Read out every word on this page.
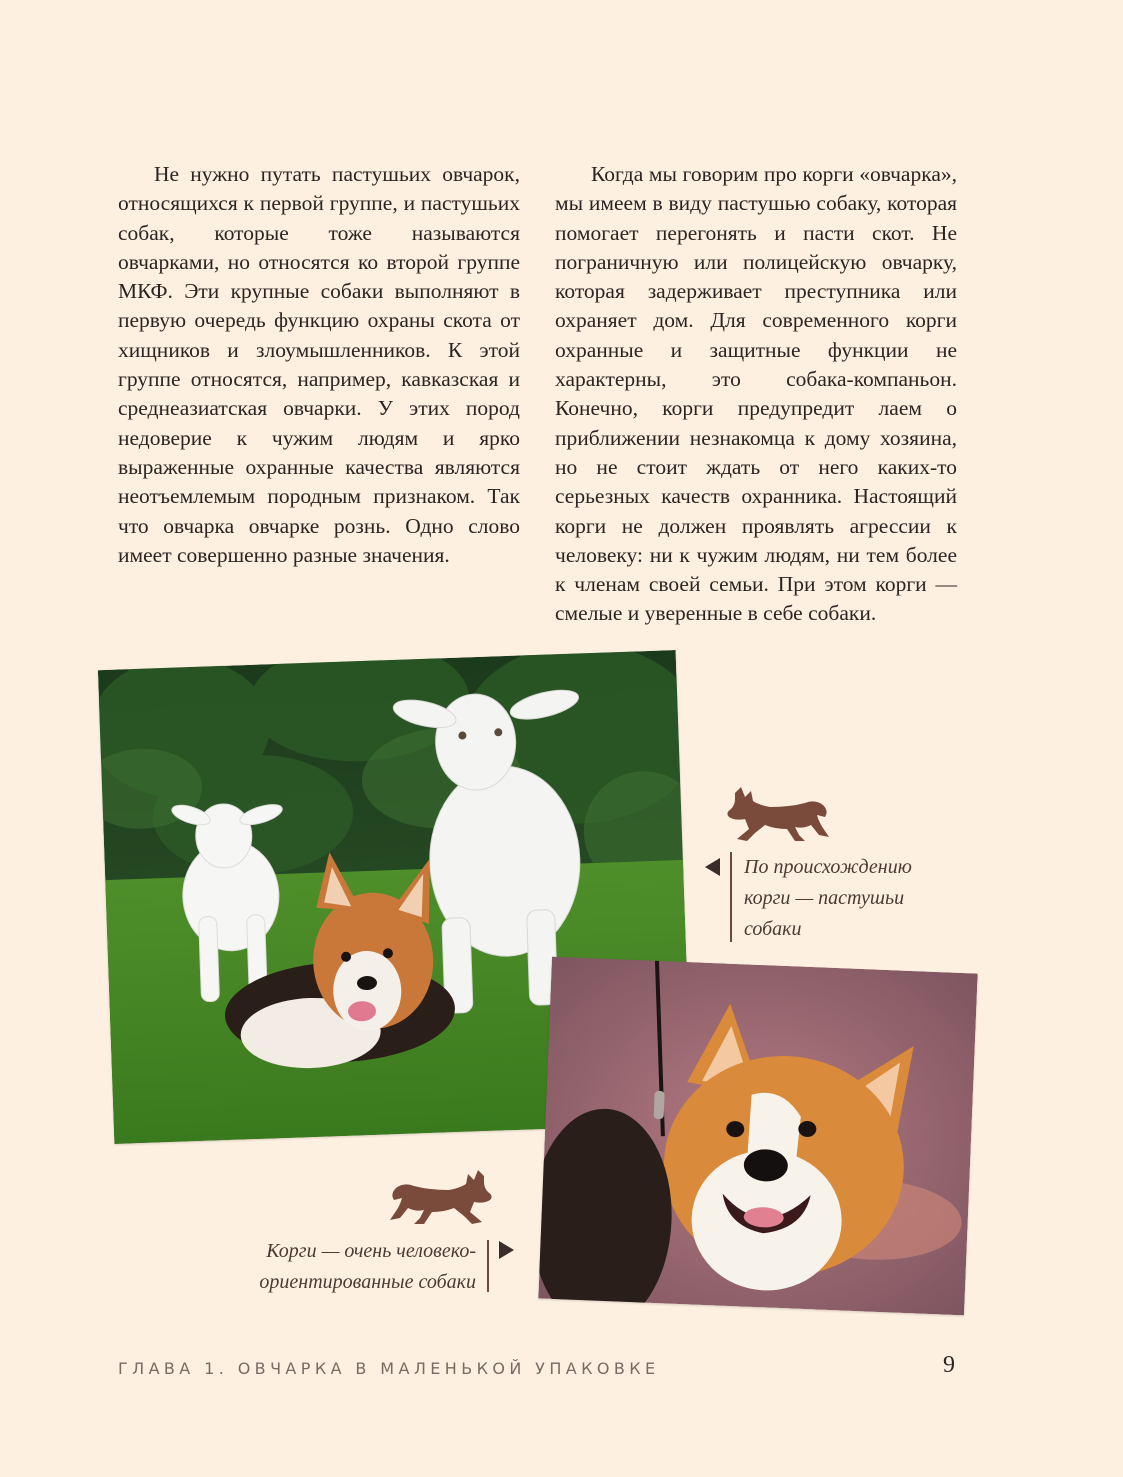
Не нужно путать пастушьих овчарок, относящихся к первой группе, и пастушьих собак, которые тоже называются овчарками, но относятся ко второй группе МКФ. Эти крупные собаки выполняют в первую очередь функцию охраны скота от хищников и злоумышленников. К этой группе относятся, например, кавказская и среднеазиатская овчарки. У этих пород недоверие к чужим людям и ярко выраженные охранные качества являются неотъемлемым породным признаком. Так что овчарка овчарке рознь. Одно слово имеет совершенно разные значения.

Когда мы говорим про корги «овчарка», мы имеем в виду пастушью собаку, которая помогает перегонять и пасти скот. Не пограничную или полицейскую овчарку, которая задерживает преступника или охраняет дом. Для современного корги охранные и защитные функции не характерны, это собака-компаньон. Конечно, корги предупредит лаем о приближении незнакомца к дому хозяина, но не стоит ждать от него каких-то серьезных качеств охранника. Настоящий корги не должен проявлять агрессии к человеку: ни к чужим людям, ни тем более к членам своей семьи. При этом корги — смелые и уверенные в себе собаки.

По происхождению
корги — пастушьи
собаки
Корги — очень человеко-
ориентированные собаки
ГЛАВА 1. ОВЧАРКА В МАЛЕНЬКОЙ УПАКОВКЕ	9
